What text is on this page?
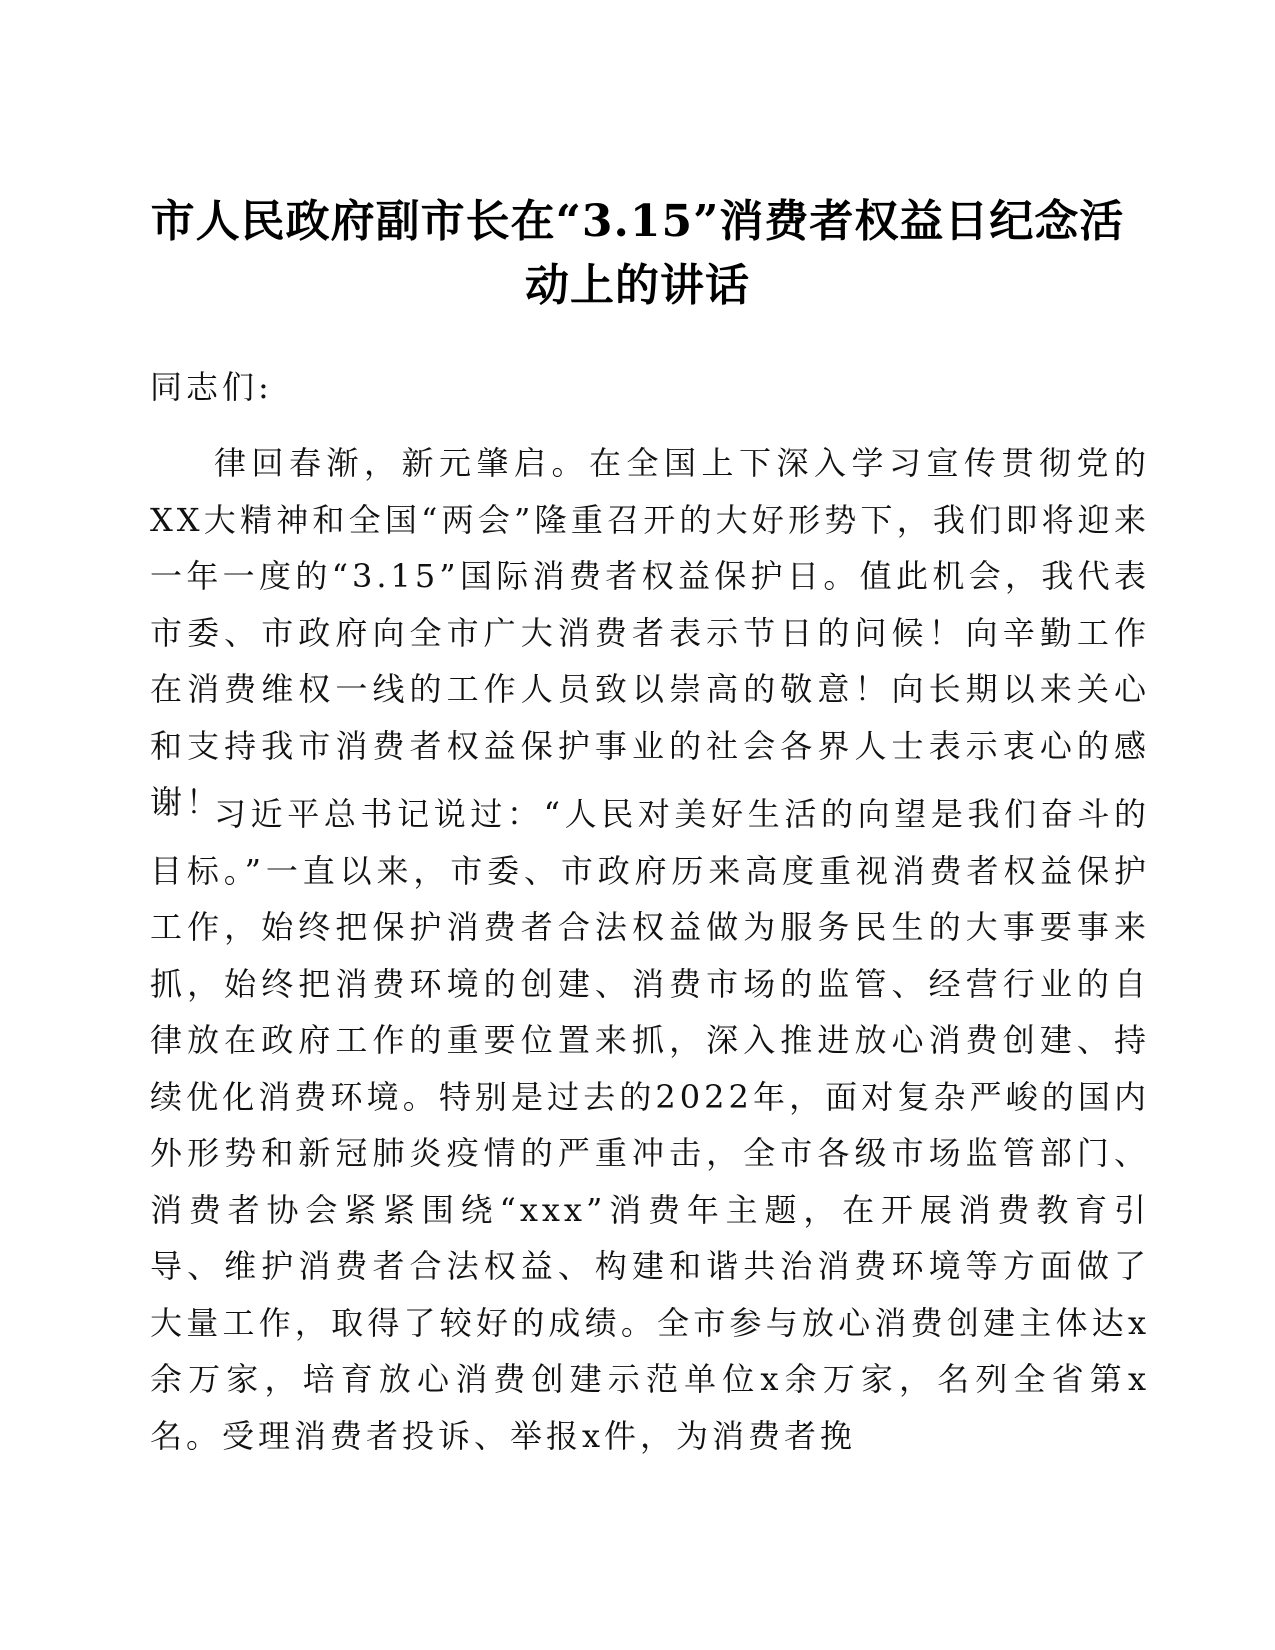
市人民政府副市长在“3.15”消费者权益日纪念活
动上的讲话

同志们:

律回春渐，新元肇启。在全国上下深入学习宣传贯彻党的XX大精神和全国“两会”隆重召开的大好形势下，我们即将迎来一年一度的“3.15”国际消费者权益保护日。值此机会，我代表市委、市政府向全市广大消费者表示节日的问候！向辛勤工作在消费维权一线的工作人员致以崇高的敬意！向长期以来关心和支持我市消费者权益保护事业的社会各界人士表示衷心的感谢！

习近平总书记说过：“人民对美好生活的向望是我们奋斗的目标。”一直以来，市委、市政府历来高度重视消费者权益保护工作，始终把保护消费者合法权益做为服务民生的大事要事来抓，始终把消费环境的创建、消费市场的监管、经营行业的自律放在政府工作的重要位置来抓，深入推进放心消费创建、持续优化消费环境。特别是过去的2022年，面对复杂严峻的国内外形势和新冠肺炎疫情的严重冲击，全市各级市场监管部门、消费者协会紧紧围绕“xxx”消费年主题，在开展消费教育引导、维护消费者合法权益、构建和谐共治消费环境等方面做了大量工作，取得了较好的成绩。全市参与放心消费创建主体达x余万家，培育放心消费创建示范单位x余万家，名列全省第x名。受理消费者投诉、举报x件，为消费者挽
